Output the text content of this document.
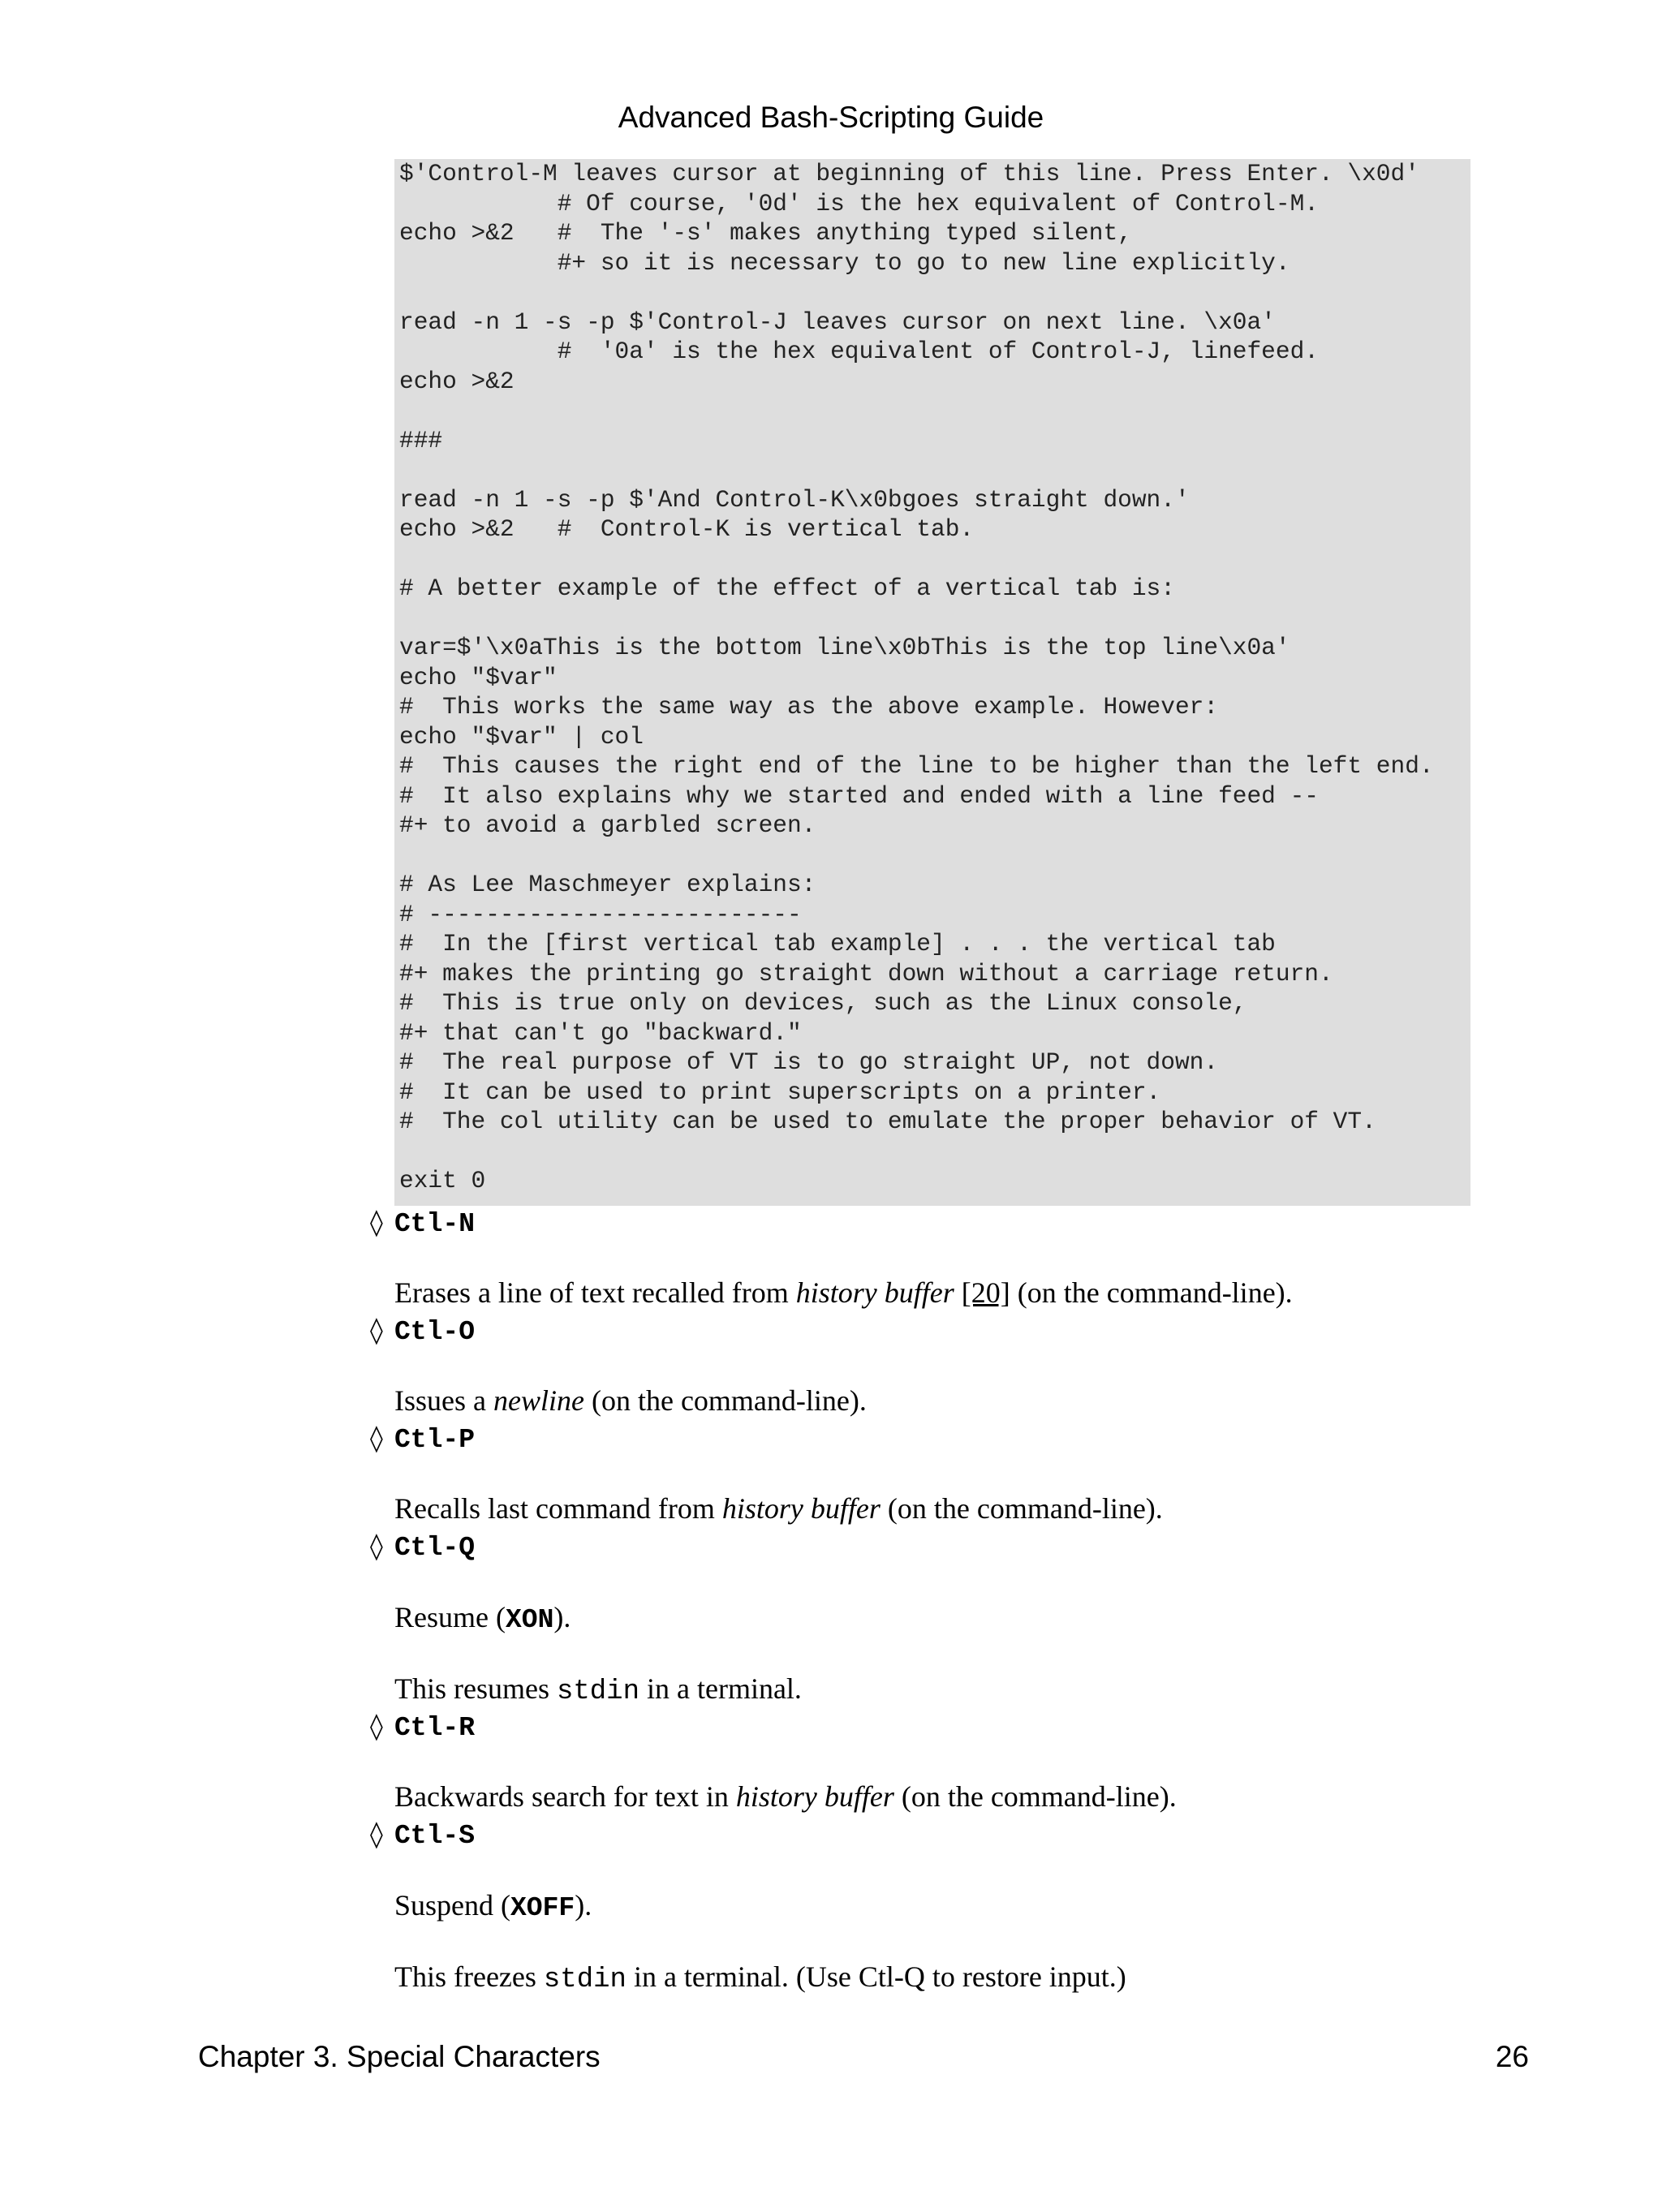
Advanced Bash-Scripting Guide
$'Control-M leaves cursor at beginning of this line. Press Enter. \x0d'
# Of course, '0d' is the hex equivalent of Control-M.
echo >&2   #  The '-s' makes anything typed silent,
#+ so it is necessary to go to new line explicitly.
read -n 1 -s -p $'Control-J leaves cursor on next line. \x0a'
#  '0a' is the hex equivalent of Control-J, linefeed.
echo >&2
###
read -n 1 -s -p $'And Control-K\x0bgoes straight down.'
echo >&2   #  Control-K is vertical tab.
# A better example of the effect of a vertical tab is:
var=$'\x0aThis is the bottom line\x0bThis is the top line\x0a'
echo "$var"
#  This works the same way as the above example. However:
echo "$var" | col
#  This causes the right end of the line to be higher than the left end.
#  It also explains why we started and ended with a line feed --
#+ to avoid a garbled screen.
# As Lee Maschmeyer explains:
# --------------------------
#  In the [first vertical tab example] . . . the vertical tab
#+ makes the printing go straight down without a carriage return.
#  This is true only on devices, such as the Linux console,
#+ that can't go "backward."
#  The real purpose of VT is to go straight UP, not down.
#  It can be used to print superscripts on a printer.
#  The col utility can be used to emulate the proper behavior of VT.
exit 0
◊ Ctl-N
Erases a line of text recalled from history buffer [20] (on the command-line).
◊ Ctl-O
Issues a newline (on the command-line).
◊ Ctl-P
Recalls last command from history buffer (on the command-line).
◊ Ctl-Q
Resume (XON).
This resumes stdin in a terminal.
◊ Ctl-R
Backwards search for text in history buffer (on the command-line).
◊ Ctl-S
Suspend (XOFF).
This freezes stdin in a terminal. (Use Ctl-Q to restore input.)
Chapter 3. Special Characters	26
